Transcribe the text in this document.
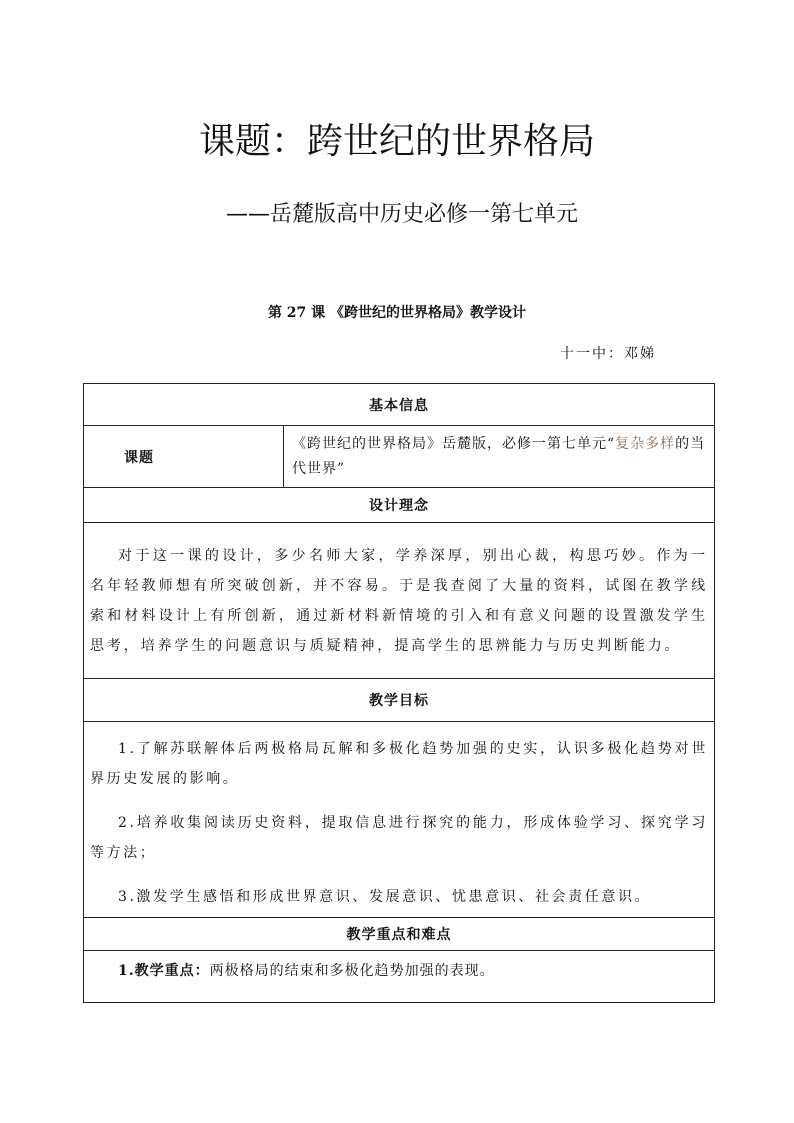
课题：跨世纪的世界格局
——岳麓版高中历史必修一第七单元
第 27 课 《跨世纪的世界格局》教学设计
十一中：邓娣
基本信息
课题	《跨世纪的世界格局》岳麓版，必修一第七单元“复杂多样的当代世界”
设计理念

对于这一课的设计，多少名师大家，学养深厚，别出心裁，构思巧妙。作为一名年轻教师想有所突破创新，并不容易。于是我查阅了大量的资料，试图在教学线索和材料设计上有所创新，通过新材料新情境的引入和有意义问题的设置激发学生思考，培养学生的问题意识与质疑精神，提高学生的思辨能力与历史判断能力。

教学目标

1.了解苏联解体后两极格局瓦解和多极化趋势加强的史实，认识多极化趋势对世界历史发展的影响。

2.培养收集阅读历史资料，提取信息进行探究的能力，形成体验学习、探究学习等方法；

3.激发学生感悟和形成世界意识、发展意识、忧患意识、社会责任意识。

教学重点和难点
1.教学重点：两极格局的结束和多极化趋势加强的表现。
